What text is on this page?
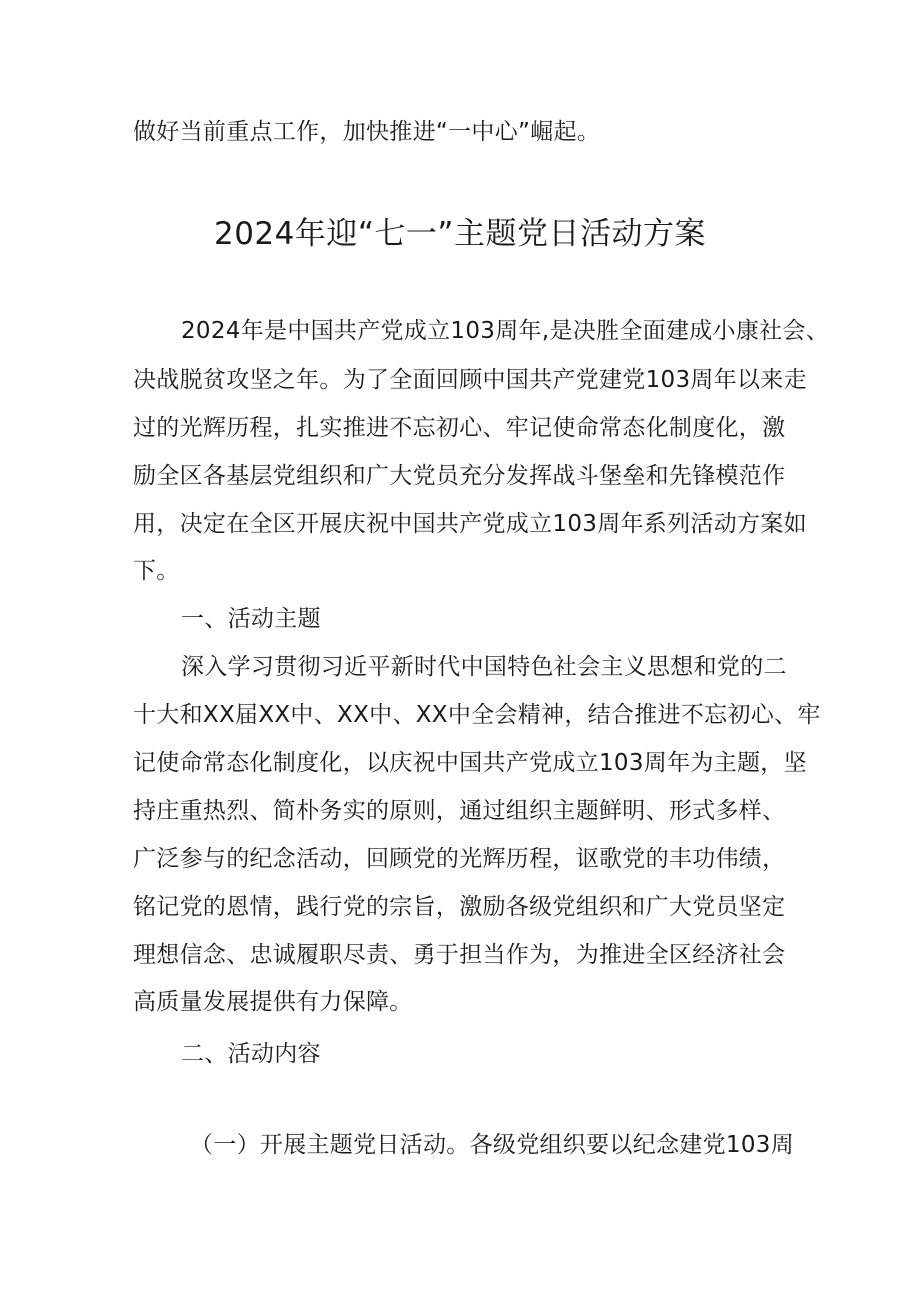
做好当前重点工作，加快推进“一中心”崛起。
2024年迎“七一”主题党日活动方案
2024年是中国共产党成立103周年,是决胜全面建成小康社会、
决战脱贫攻坚之年。为了全面回顾中国共产党建党103周年以来走
过的光辉历程，扎实推进不忘初心、牢记使命常态化制度化，激
励全区各基层党组织和广大党员充分发挥战斗堡垒和先锋模范作
用，决定在全区开展庆祝中国共产党成立103周年系列活动方案如
下。
一、活动主题
深入学习贯彻习近平新时代中国特色社会主义思想和党的二
十大和XX届XX中、XX中、XX中全会精神，结合推进不忘初心、牢
记使命常态化制度化，以庆祝中国共产党成立103周年为主题，坚
持庄重热烈、简朴务实的原则，通过组织主题鲜明、形式多样、
广泛参与的纪念活动，回顾党的光辉历程，讴歌党的丰功伟绩，
铭记党的恩情，践行党的宗旨，激励各级党组织和广大党员坚定
理想信念、忠诚履职尽责、勇于担当作为，为推进全区经济社会
高质量发展提供有力保障。
二、活动内容
（一）开展主题党日活动。各级党组织要以纪念建党103周
